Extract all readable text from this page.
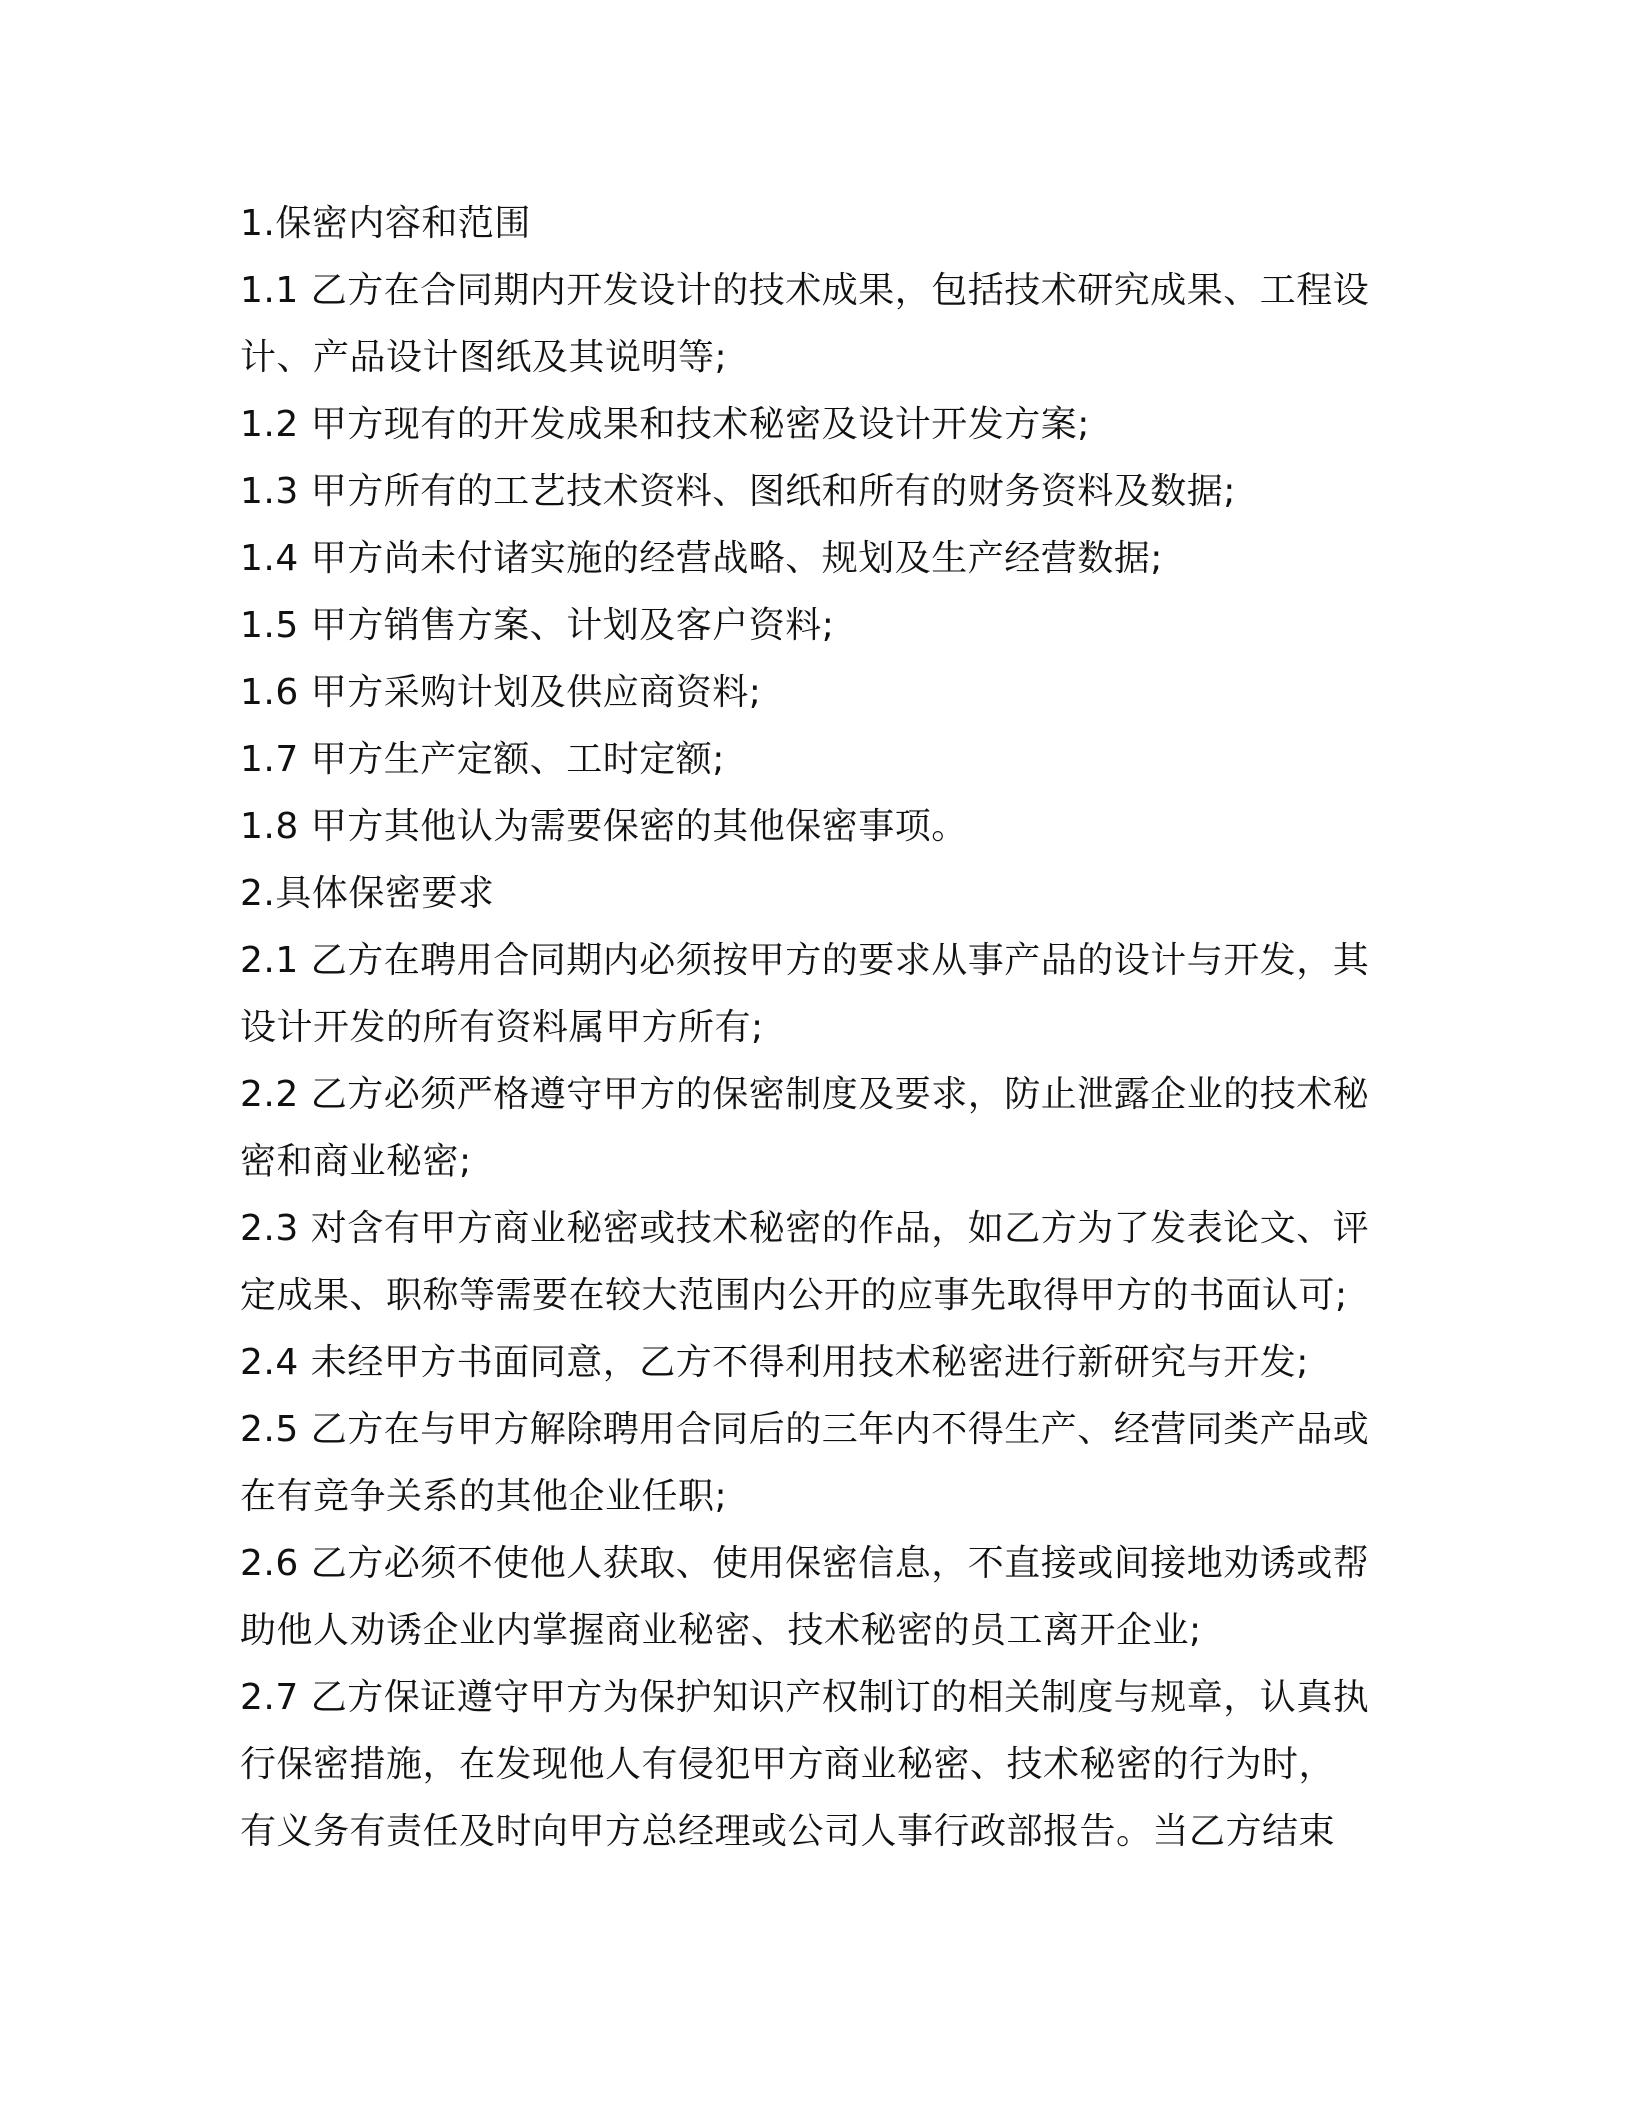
1.保密内容和范围
1.1 乙方在合同期内开发设计的技术成果，包括技术研究成果、工程设
计、产品设计图纸及其说明等;
1.2 甲方现有的开发成果和技术秘密及设计开发方案;
1.3 甲方所有的工艺技术资料、图纸和所有的财务资料及数据;
1.4 甲方尚未付诸实施的经营战略、规划及生产经营数据;
1.5 甲方销售方案、计划及客户资料;
1.6 甲方采购计划及供应商资料;
1.7 甲方生产定额、工时定额;
1.8 甲方其他认为需要保密的其他保密事项。
2.具体保密要求
2.1 乙方在聘用合同期内必须按甲方的要求从事产品的设计与开发，其
设计开发的所有资料属甲方所有;
2.2 乙方必须严格遵守甲方的保密制度及要求，防止泄露企业的技术秘
密和商业秘密;
2.3 对含有甲方商业秘密或技术秘密的作品，如乙方为了发表论文、评
定成果、职称等需要在较大范围内公开的应事先取得甲方的书面认可;
2.4 未经甲方书面同意，乙方不得利用技术秘密进行新研究与开发;
2.5 乙方在与甲方解除聘用合同后的三年内不得生产、经营同类产品或
在有竞争关系的其他企业任职;
2.6 乙方必须不使他人获取、使用保密信息，不直接或间接地劝诱或帮
助他人劝诱企业内掌握商业秘密、技术秘密的员工离开企业;
2.7 乙方保证遵守甲方为保护知识产权制订的相关制度与规章，认真执
行保密措施，在发现他人有侵犯甲方商业秘密、技术秘密的行为时，
有义务有责任及时向甲方总经理或公司人事行政部报告。当乙方结束
